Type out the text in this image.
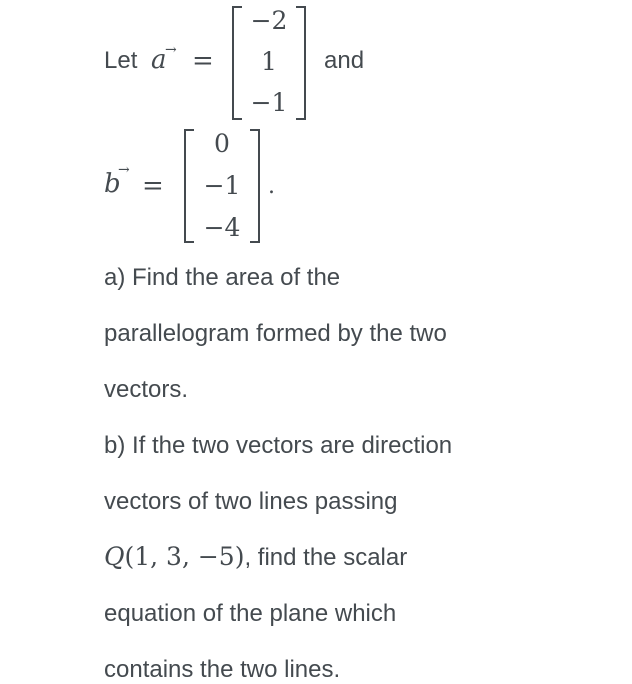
Let a
→ =
−2
1
−1
and
b
→
=
0
−1
−4
.
a) Find the area of the
parallelogram formed by the two
vectors.
b) If the two vectors are direction
vectors of two lines passing
Q(1, 3, −5), find the scalar
equation of the plane which
contains the two lines.
